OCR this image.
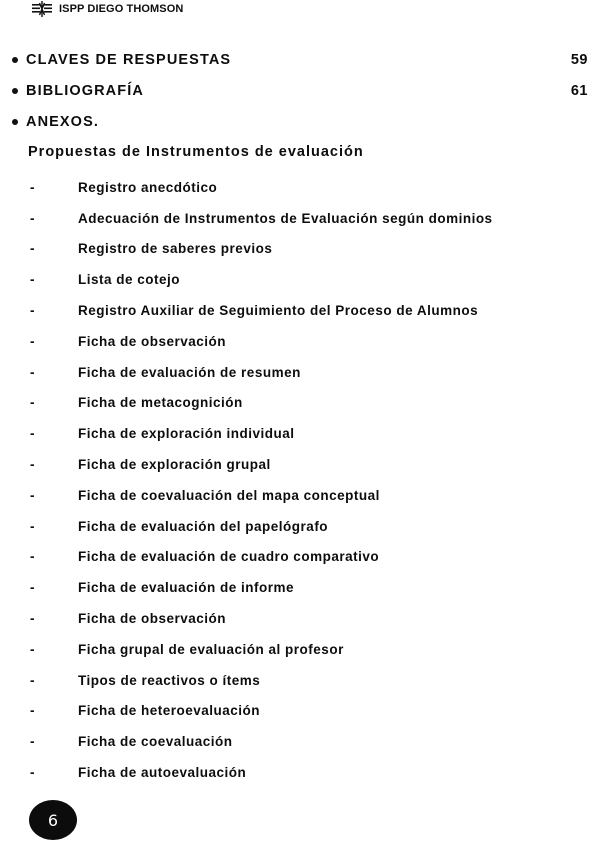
ISPP DIEGO THOMSON
CLAVES DE RESPUESTAS	59
BIBLIOGRAFÍA	61
ANEXOS.
Propuestas de Instrumentos de evaluación
-	Registro anecdótico
-	Adecuación de Instrumentos de Evaluación según dominios
-	Registro de saberes previos
-	Lista de cotejo
-	Registro Auxiliar de Seguimiento del Proceso de Alumnos
-	Ficha de observación
-	Ficha de evaluación de resumen
-	Ficha de metacognición
-	Ficha de exploración individual
-	Ficha de exploración grupal
-	Ficha de coevaluación del mapa conceptual
-	Ficha de evaluación del papelógrafo
-	Ficha de evaluación de cuadro comparativo
-	Ficha de evaluación de informe
-	Ficha de observación
-	Ficha grupal de evaluación al profesor
-	Tipos de reactivos o ítems
-	Ficha de heteroevaluación
-	Ficha de coevaluación
-	Ficha de autoevaluación
6
